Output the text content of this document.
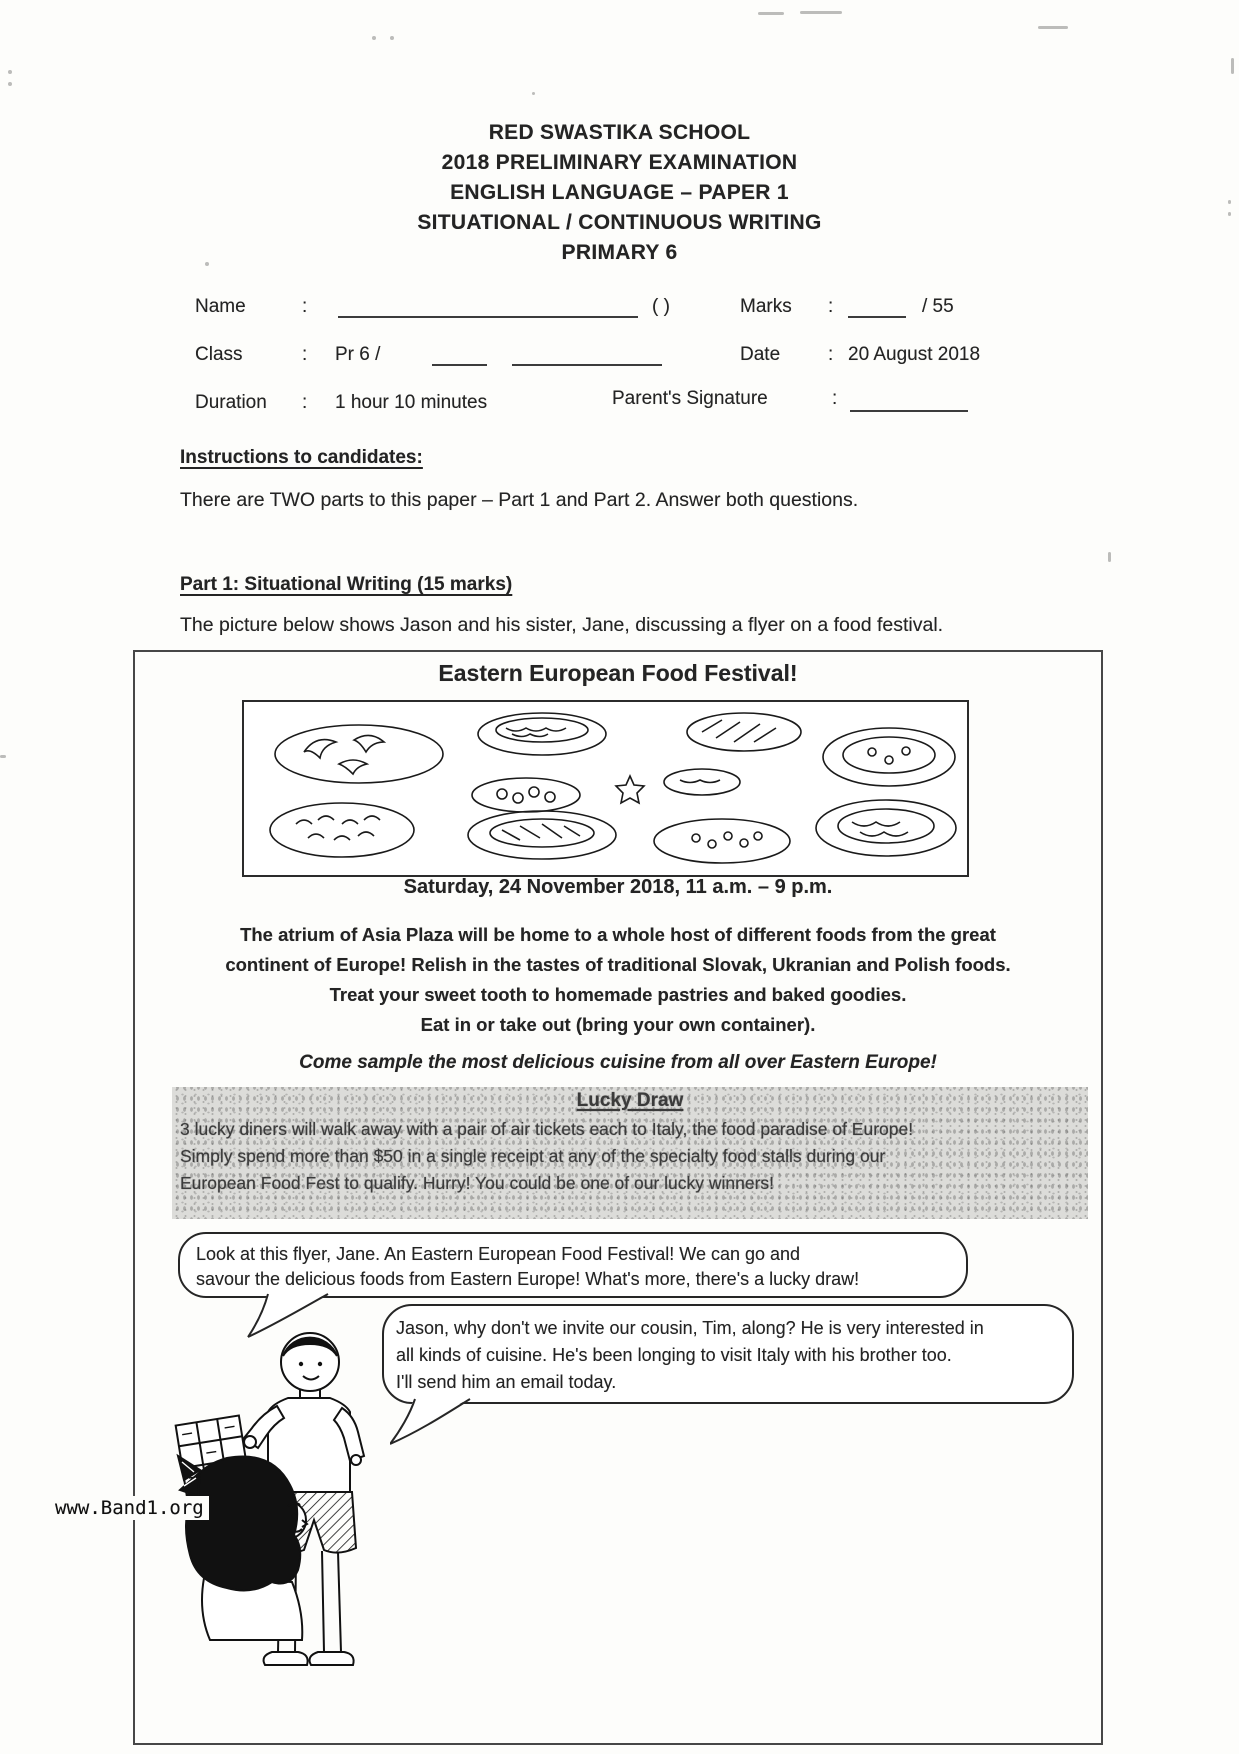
RED SWASTIKA SCHOOL
2018 PRELIMINARY EXAMINATION
ENGLISH LANGUAGE – PAPER 1
SITUATIONAL / CONTINUOUS WRITING
PRIMARY 6
Name	:	( )	Marks :	/ 55
Class	: Pr 6 /	Date	: 20 August 2018
Duration : 1 hour 10 minutes	Parent's Signature	:
Instructions to candidates:
There are TWO parts to this paper – Part 1 and Part 2. Answer both questions.
Part 1: Situational Writing (15 marks)
The picture below shows Jason and his sister, Jane, discussing a flyer on a food festival.
Eastern European Food Festival!
Saturday, 24 November 2018, 11 a.m. – 9 p.m.
The atrium of Asia Plaza will be home to a whole host of different foods from the great
continent of Europe! Relish in the tastes of traditional Slovak, Ukranian and Polish foods.
Treat your sweet tooth to homemade pastries and baked goodies.
Eat in or take out (bring your own container).
Come sample the most delicious cuisine from all over Eastern Europe!
Lucky Draw
3 lucky diners will walk away with a pair of air tickets each to Italy, the food paradise of Europe!
Simply spend more than $50 in a single receipt at any of the specialty food stalls during our
European Food Fest to qualify. Hurry! You could be one of our lucky winners!
Look at this flyer, Jane. An Eastern European Food Festival! We can go and
savour the delicious foods from Eastern Europe! What's more, there's a lucky draw!
Jason, why don't we invite our cousin, Tim, along? He is very interested in
all kinds of cuisine. He's been longing to visit Italy with his brother too.
I'll send him an email today.
www.Band1.org
